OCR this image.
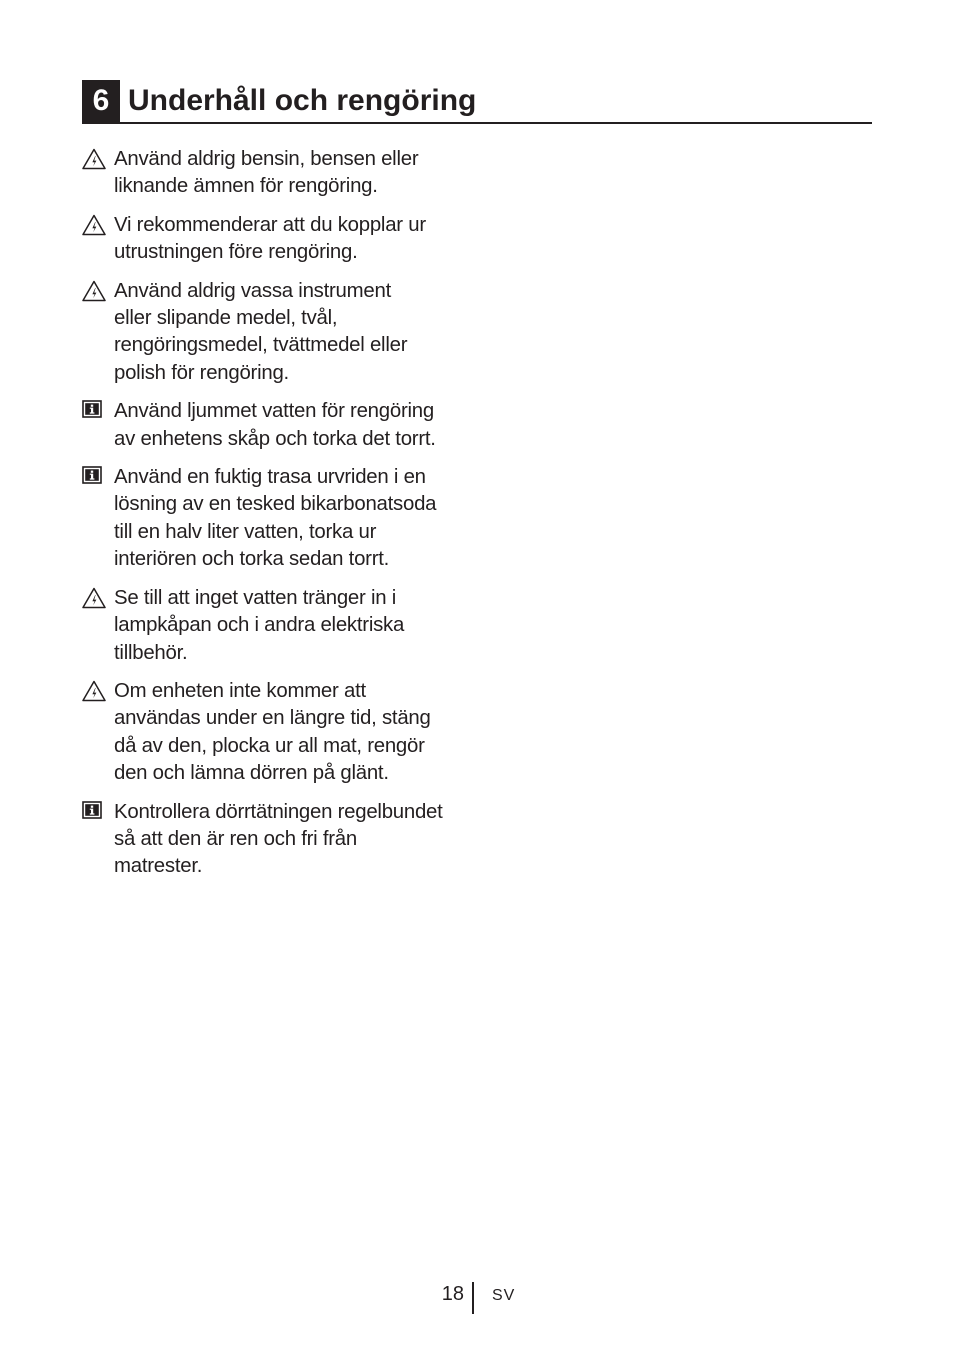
6 Underhåll och rengöring
Använd aldrig bensin, bensen eller
liknande ämnen för rengöring.
Vi rekommenderar att du kopplar ur
utrustningen före rengöring.
Använd aldrig vassa instrument
eller slipande medel, tvål,
rengöringsmedel, tvättmedel eller
polish för rengöring.
Använd ljummet vatten för rengöring
av enhetens skåp och torka det torrt.
Använd en fuktig trasa urvriden i en
lösning av en tesked bikarbonatsoda
till en halv liter vatten, torka ur
interiören och torka sedan torrt.
Se till att inget vatten tränger in i
lampkåpan och i andra elektriska
tillbehör.
Om enheten inte kommer att
användas under en längre tid, stäng
då av den, plocka ur all mat, rengör
den och lämna dörren på glänt.
Kontrollera dörrtätningen regelbundet
så att den är ren och fri från
matrester.
18 SV
